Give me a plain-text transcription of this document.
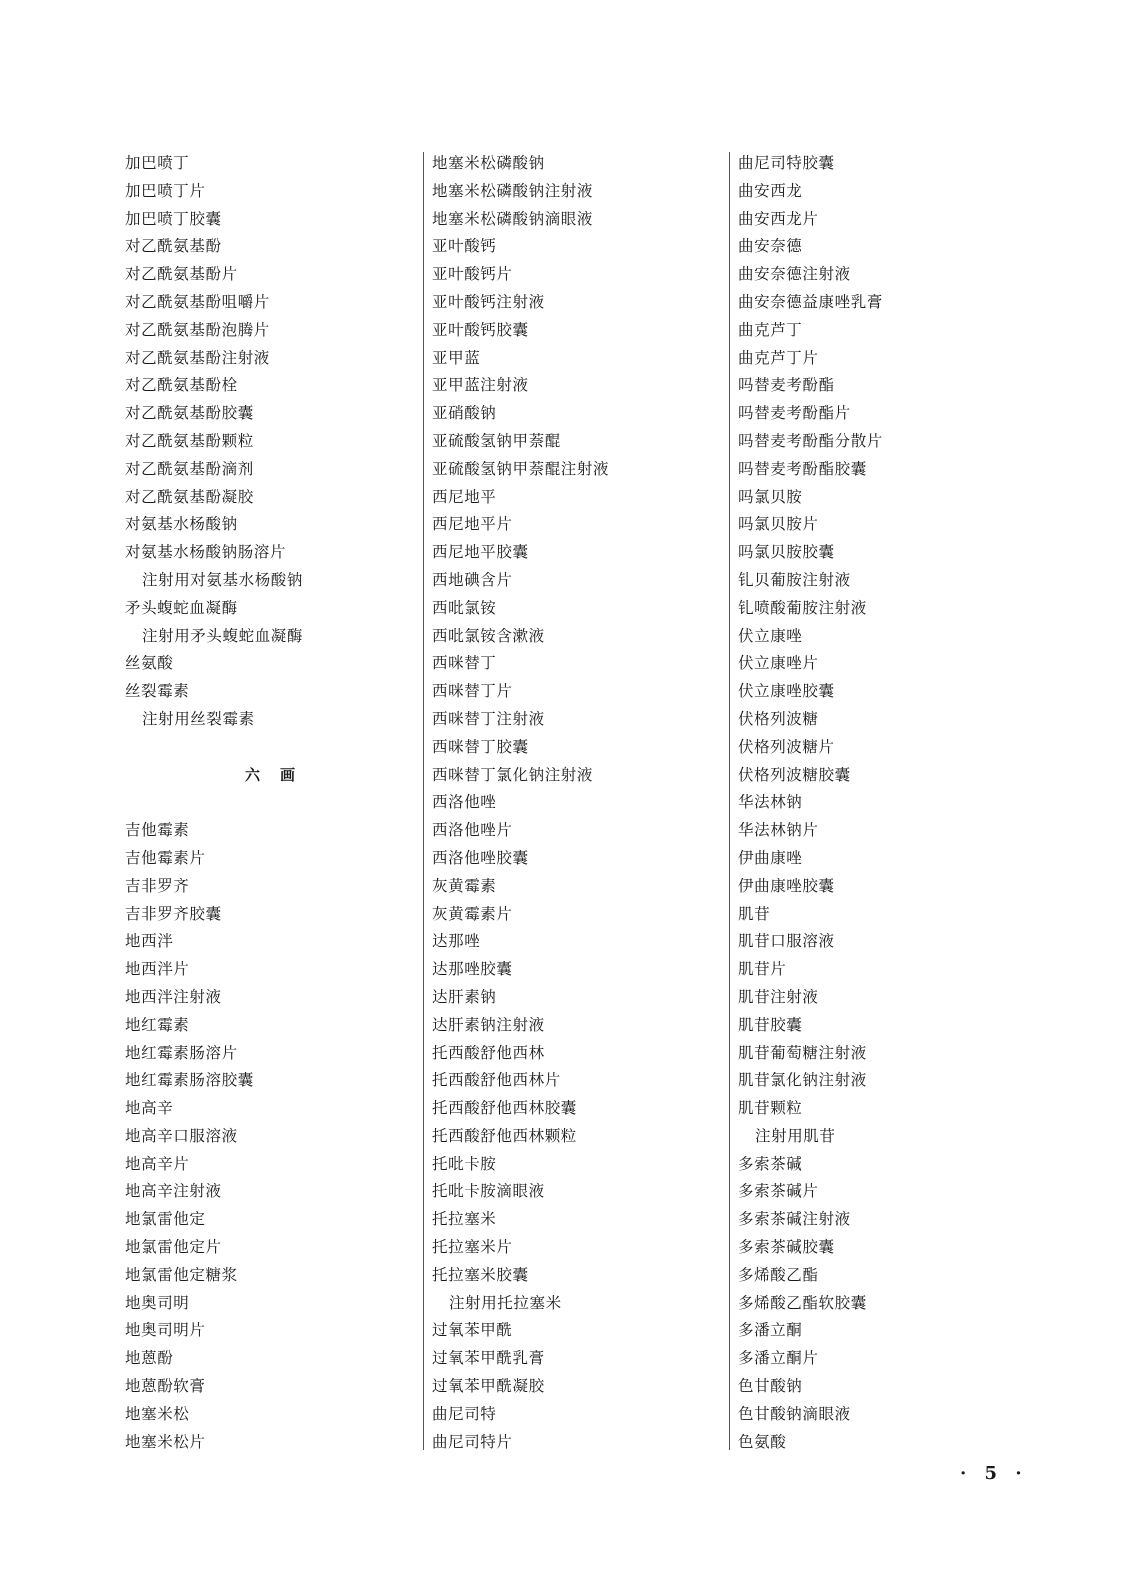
加巴喷丁
加巴喷丁片
加巴喷丁胶囊
对乙酰氨基酚
对乙酰氨基酚片
对乙酰氨基酚咀嚼片
对乙酰氨基酚泡腾片
对乙酰氨基酚注射液
对乙酰氨基酚栓
对乙酰氨基酚胶囊
对乙酰氨基酚颗粒
对乙酰氨基酚滴剂
对乙酰氨基酚凝胶
对氨基水杨酸钠
对氨基水杨酸钠肠溶片
注射用对氨基水杨酸钠
矛头蝮蛇血凝酶
注射用矛头蝮蛇血凝酶
丝氨酸
丝裂霉素
注射用丝裂霉素
六画
吉他霉素
吉他霉素片
吉非罗齐
吉非罗齐胶囊
地西泮
地西泮片
地西泮注射液
地红霉素
地红霉素肠溶片
地红霉素肠溶胶囊
地高辛
地高辛口服溶液
地高辛片
地高辛注射液
地氯雷他定
地氯雷他定片
地氯雷他定糖浆
地奥司明
地奥司明片
地蒽酚
地蒽酚软膏
地塞米松
地塞米松片
地塞米松磷酸钠
地塞米松磷酸钠注射液
地塞米松磷酸钠滴眼液
亚叶酸钙
亚叶酸钙片
亚叶酸钙注射液
亚叶酸钙胶囊
亚甲蓝
亚甲蓝注射液
亚硝酸钠
亚硫酸氢钠甲萘醌
亚硫酸氢钠甲萘醌注射液
西尼地平
西尼地平片
西尼地平胶囊
西地碘含片
西吡氯铵
西吡氯铵含漱液
西咪替丁
西咪替丁片
西咪替丁注射液
西咪替丁胶囊
西咪替丁氯化钠注射液
西洛他唑
西洛他唑片
西洛他唑胶囊
灰黄霉素
灰黄霉素片
达那唑
达那唑胶囊
达肝素钠
达肝素钠注射液
托西酸舒他西林
托西酸舒他西林片
托西酸舒他西林胶囊
托西酸舒他西林颗粒
托吡卡胺
托吡卡胺滴眼液
托拉塞米
托拉塞米片
托拉塞米胶囊
注射用托拉塞米
过氧苯甲酰
过氧苯甲酰乳膏
过氧苯甲酰凝胶
曲尼司特
曲尼司特片
曲尼司特胶囊
曲安西龙
曲安西龙片
曲安奈德
曲安奈德注射液
曲安奈德益康唑乳膏
曲克芦丁
曲克芦丁片
吗替麦考酚酯
吗替麦考酚酯片
吗替麦考酚酯分散片
吗替麦考酚酯胶囊
吗氯贝胺
吗氯贝胺片
吗氯贝胺胶囊
钆贝葡胺注射液
钆喷酸葡胺注射液
伏立康唑
伏立康唑片
伏立康唑胶囊
伏格列波糖
伏格列波糖片
伏格列波糖胶囊
华法林钠
华法林钠片
伊曲康唑
伊曲康唑胶囊
肌苷
肌苷口服溶液
肌苷片
肌苷注射液
肌苷胶囊
肌苷葡萄糖注射液
肌苷氯化钠注射液
肌苷颗粒
注射用肌苷
多索茶碱
多索茶碱片
多索茶碱注射液
多索茶碱胶囊
多烯酸乙酯
多烯酸乙酯软胶囊
多潘立酮
多潘立酮片
色甘酸钠
色甘酸钠滴眼液
色氨酸
· 5 ·
